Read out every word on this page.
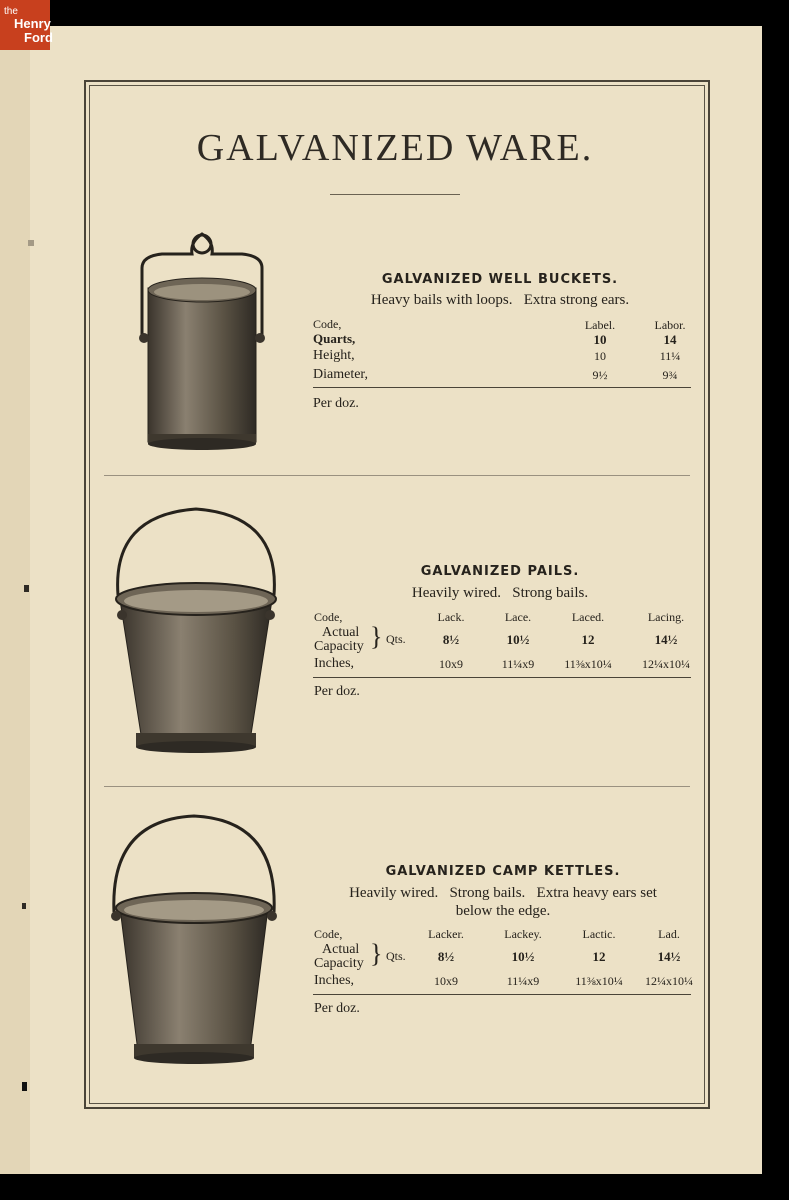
the
Henry
Ford
GALVANIZED WARE.
GALVANIZED WELL BUCKETS.
Heavy bails with loops.   Extra strong ears.
Code,
Quarts,
Height,
Diameter,
Label.
10
10
9½
Labor.
14
11¼
9¾
Per doz.
GALVANIZED PAILS.
Heavily wired.   Strong bails.
Code,
Actual
Capacity } Qts.
Inches,
Lack.
8½
10x9
Lace.
10½
11¼x9
Laced.
12
11⅜x10¼
Lacing.
14½
12¼x10¼
Per doz.
GALVANIZED CAMP KETTLES.
Heavily wired.   Strong bails.   Extra heavy ears set
below the edge.
Code,
Actual
Capacity } Qts.
Inches,
Lacker.
8½
10x9
Lackey.
10½
11¼x9
Lactic.
12
11⅜x10¼
Lad.
14½
12¼x10¼
Per doz.
